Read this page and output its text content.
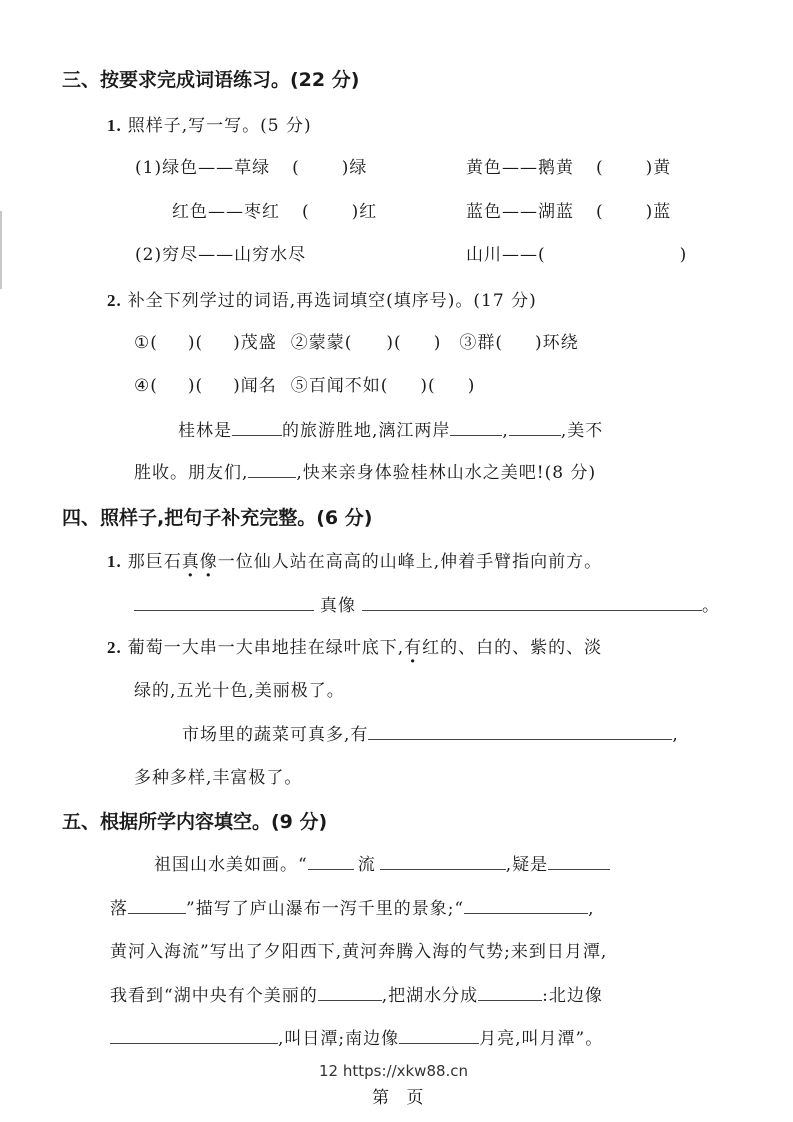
三、按要求完成词语练习。(22 分)
1. 照样子,写一写。(5 分)
(1)绿色——草绿 ( )绿	黄色——鹅黄 ( )黄
红色——枣红 ( )红	蓝色——湖蓝 ( )蓝
(2)穷尽——山穷水尽	山川——(	)
2. 补全下列学过的词语,再选词填空(填序号)。(17 分)
①( )( )茂盛 ②蒙蒙( )( ) ③群( )环绕
④( )( )闻名 ⑤百闻不如( )( )
桂林是	的旅游胜地,漓江两岸	,	,美不
胜收。朋友们,	,快来亲身体验桂林山水之美吧!(8 分)
四、照样子,把句子补充完整。(6 分)
1. 那巨石真像一位仙人站在高高的山峰上,伸着手臂指向前方。
真像	。
2. 葡萄一大串一大串地挂在绿叶底下,有红的、白的、紫的、淡
绿的,五光十色,美丽极了。
市场里的蔬菜可真多,有	,
多种多样,丰富极了。
五、根据所学内容填空。(9 分)
祖国山水美如画。“	流	,疑是
落	”描写了庐山瀑布一泻千里的景象;“	,
黄河入海流”写出了夕阳西下,黄河奔腾入海的气势;来到日月潭,
我看到“湖中央有个美丽的	,把湖水分成	:北边像
,叫日潭;南边像	月亮,叫月潭”。
12 https://xkw88.cn
第 页
